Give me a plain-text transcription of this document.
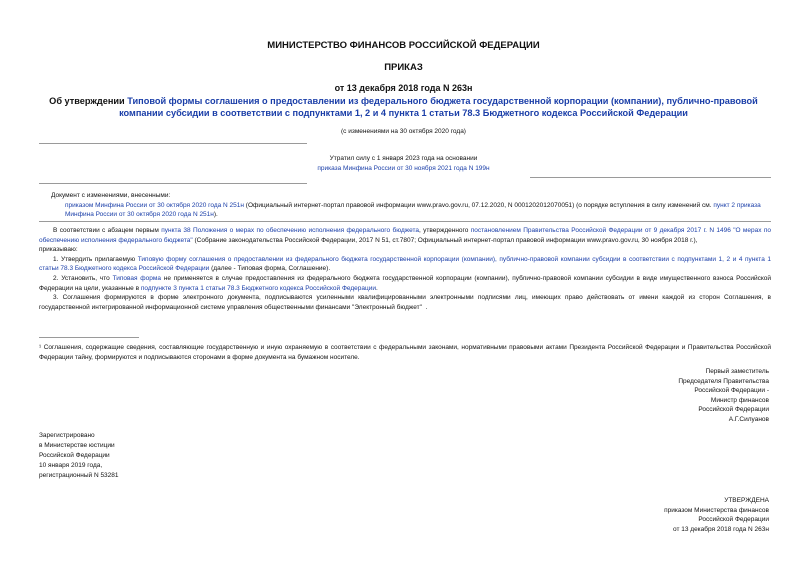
МИНИСТЕРСТВО ФИНАНСОВ РОССИЙСКОЙ ФЕДЕРАЦИИ
ПРИКАЗ
от 13 декабря 2018 года N 263н
Об утверждении Типовой формы соглашения о предоставлении из федерального бюджета государственной корпорации (компании), публично-правовой компании субсидии в соответствии с подпунктами 1, 2 и 4 пункта 1 статьи 78.3 Бюджетного кодекса Российской Федерации
(с изменениями на 30 октября 2020 года)
Утратил силу с 1 января 2023 года на основании
приказа Минфина России от 30 ноября 2021 года N 199н
Документ с изменениями, внесенными:
приказом Минфина России от 30 октября 2020 года N 251н (Официальный интернет-портал правовой информации www.pravo.gov.ru, 07.12.2020, N 0001202012070051) (о порядке вступления в силу изменений см. пункт 2 приказа Минфина России от 30 октября 2020 года N 251н).

В соответствии с абзацем первым пункта 38 Положения о мерах по обеспечению исполнения федерального бюджета, утвержденного постановлением Правительства Российской Федерации от 9 декабря 2017 г. N 1496 "О мерах по обеспечению исполнения федерального бюджета" (Собрание законодательства Российской Федерации, 2017 N 51, ст.7807; Официальный интернет-портал правовой информации www.pravo.gov.ru, 30 ноября 2018 г.),

приказываю:

1. Утвердить прилагаемую Типовую форму соглашения о предоставлении из федерального бюджета государственной корпорации (компании), публично-правовой компании субсидии в соответствии с подпунктами 1, 2 и 4 пункта 1 статьи 78.3 Бюджетного кодекса Российской Федерации (далее - Типовая форма, Соглашение).

2. Установить, что Типовая форма не применяется в случае предоставления из федерального бюджета государственной корпорации (компании), публично-правовой компании субсидии в виде имущественного взноса Российской Федерации на цели, указанные в подпункте 3 пункта 1 статьи 78.3 Бюджетного кодекса Российской Федерации.

3. Соглашения формируются в форме электронного документа, подписываются усиленными квалифицированными электронными подписями лиц, имеющих право действовать от имени каждой из сторон Соглашения, в государственной интегрированной информационной системе управления общественными финансами "Электронный бюджет"  .

¹ Соглашения, содержащие сведения, составляющие государственную и иную охраняемую в соответствии с федеральными законами, нормативными правовыми актами Президента Российской Федерации и Правительства Российской Федерации тайну, формируются и подписываются сторонами в форме документа на бумажном носителе.
Первый заместитель
Председателя Правительства
Российской Федерации -
Министр финансов
Российской Федерации
А.Г.Силуанов
Зарегистрировано
в Министерстве юстиции
Российской Федерации
10 января 2019 года,
регистрационный N 53281
УТВЕРЖДЕНА
приказом Министерства финансов
Российской Федерации
от 13 декабря 2018 года N 263н
